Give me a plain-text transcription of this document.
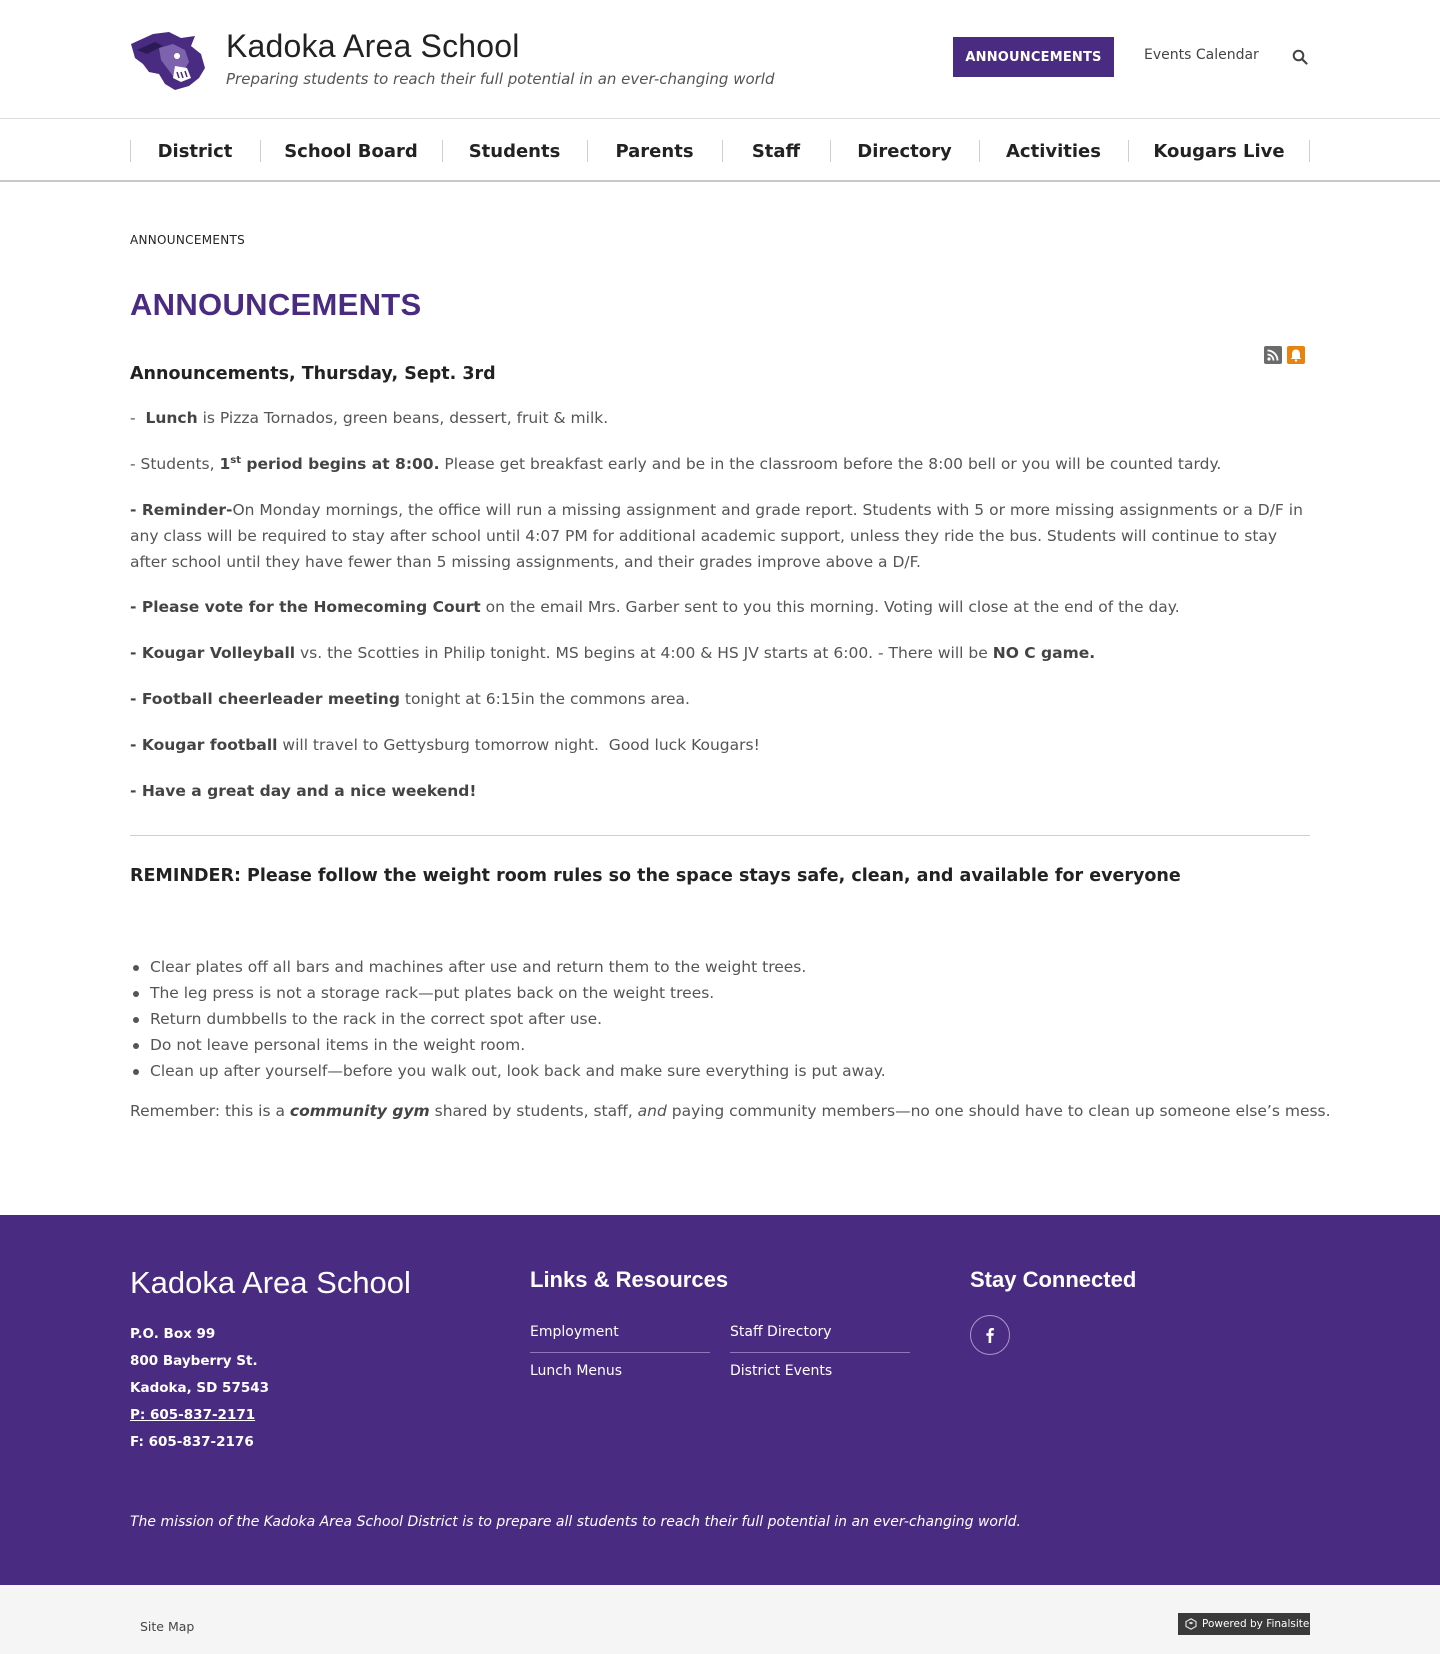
Kadoka Area School
Preparing students to reach their full potential in an ever-changing world
ANNOUNCEMENTS	Events Calendar
District	School Board	Students	Parents	Staff	Directory	Activities	Kougars Live
ANNOUNCEMENTS
ANNOUNCEMENTS
Announcements, Thursday, Sept. 3rd
-  Lunch is Pizza Tornados, green beans, dessert, fruit & milk.
- Students, 1st period begins at 8:00. Please get breakfast early and be in the classroom before the 8:00 bell or you will be counted tardy.
- Reminder-On Monday mornings, the office will run a missing assignment and grade report. Students with 5 or more missing assignments or a D/F in any class will be required to stay after school until 4:07 PM for additional academic support, unless they ride the bus. Students will continue to stay after school until they have fewer than 5 missing assignments, and their grades improve above a D/F.
- Please vote for the Homecoming Court on the email Mrs. Garber sent to you this morning. Voting will close at the end of the day.
- Kougar Volleyball vs. the Scotties in Philip tonight. MS begins at 4:00 & HS JV starts at 6:00. - There will be NO C game.
- Football cheerleader meeting tonight at 6:15in the commons area.
- Kougar football will travel to Gettysburg tomorrow night.  Good luck Kougars!
- Have a great day and a nice weekend!
REMINDER: Please follow the weight room rules so the space stays safe, clean, and available for everyone
Clear plates off all bars and machines after use and return them to the weight trees.
The leg press is not a storage rack—put plates back on the weight trees.
Return dumbbells to the rack in the correct spot after use.
Do not leave personal items in the weight room.
Clean up after yourself—before you walk out, look back and make sure everything is put away.
Remember: this is a community gym shared by students, staff, and paying community members—no one should have to clean up someone else’s mess.
Kadoka Area School
P.O. Box 99
800 Bayberry St.
Kadoka, SD 57543
P: 605-837-2171
F: 605-837-2176
Links & Resources
Employment	Staff Directory
Lunch Menus	District Events
Stay Connected
The mission of the Kadoka Area School District is to prepare all students to reach their full potential in an ever-changing world.
Site Map	Powered by Finalsite
